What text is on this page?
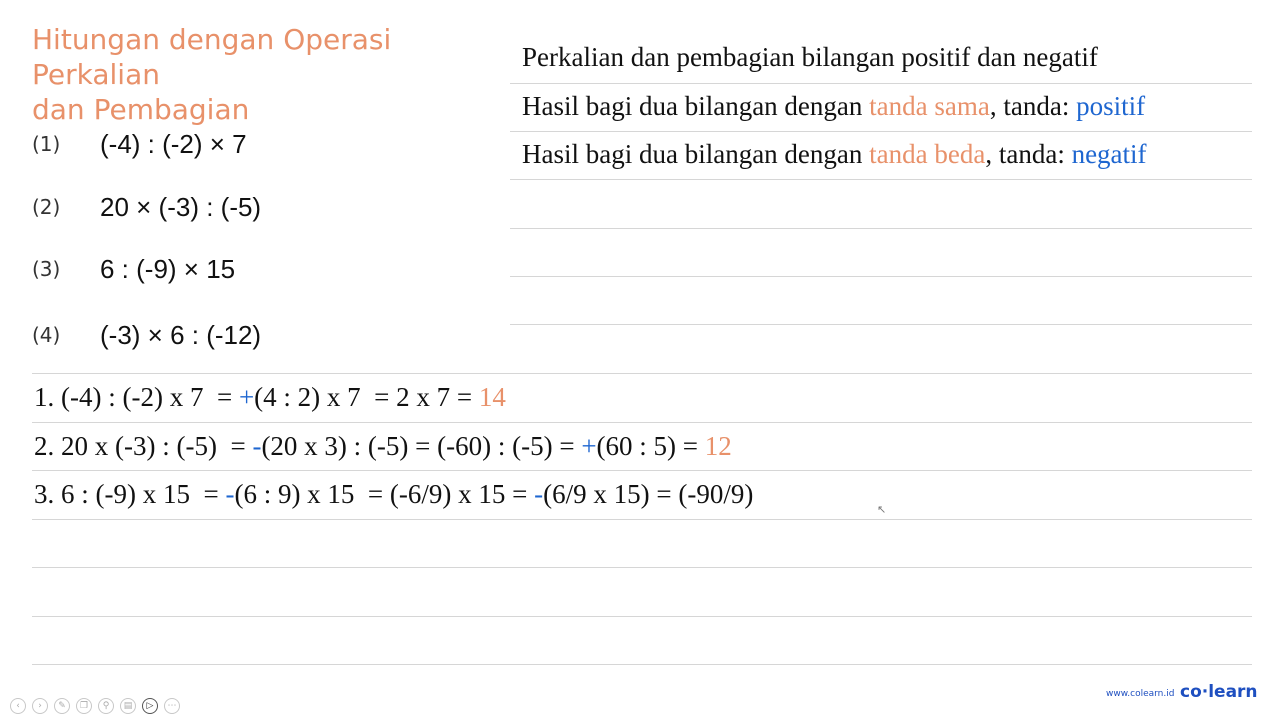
Hitungan dengan Operasi Perkalian
dan Pembagian
(1)	(-4) : (-2) × 7
(2)	20 × (-3) : (-5)
(3)	6 : (-9) × 15
(4)	(-3) × 6 : (-12)
Perkalian dan pembagian bilangan positif dan negatif
Hasil bagi dua bilangan dengan tanda sama, tanda: positif
Hasil bagi dua bilangan dengan tanda beda, tanda: negatif
1. (-4) : (-2) x 7  = +(4 : 2) x 7  = 2 x 7 = 14
2. 20 x (-3) : (-5)  = -(20 x 3) : (-5) = (-60) : (-5) = +(60 : 5) = 12
3. 6 : (-9) x 15  = -(6 : 9) x 15  = (-6/9) x 15 = -(6/9 x 15) = (-90/9)
↖
‹	›	✎	❐	⚲	▤	▷	⋯
www.colearn.id co·learn
